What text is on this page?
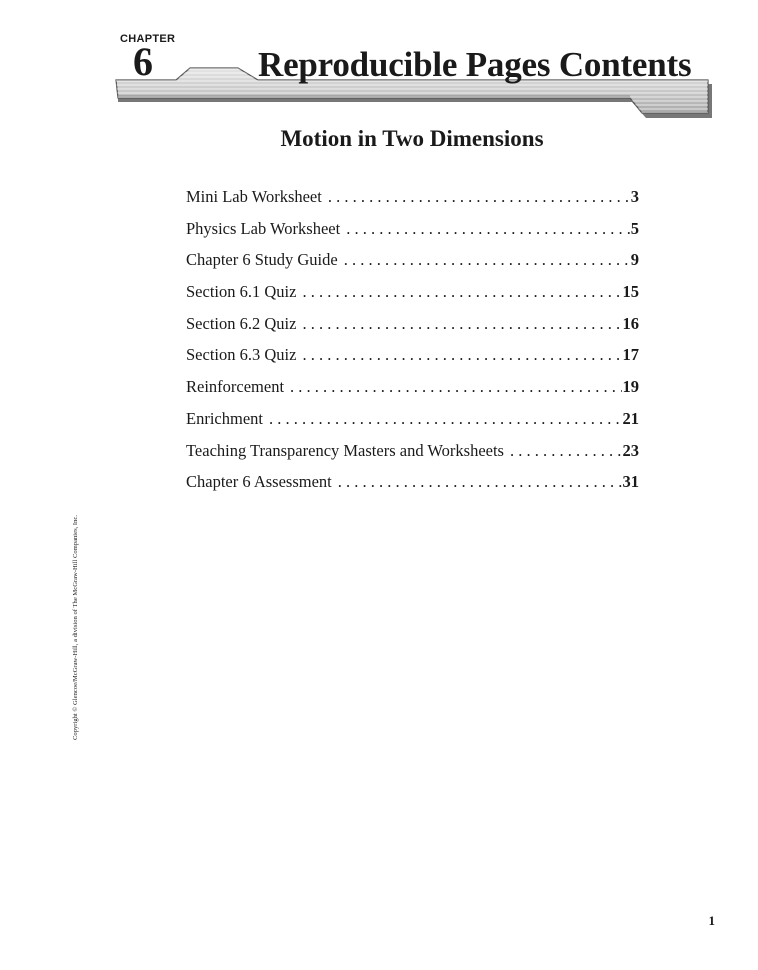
CHAPTER
6	Reproducible Pages Contents
Motion in Two Dimensions
Mini Lab Worksheet . . .	3
Physics Lab Worksheet . . .	5
Chapter 6 Study Guide . . .	9
Section 6.1 Quiz . . .	15
Section 6.2 Quiz . . .	16
Section 6.3 Quiz . . .	17
Reinforcement . . .	19
Enrichment . . .	21
Teaching Transparency Masters and Worksheets . . .	23
Chapter 6 Assessment . . .	31
Copyright © Glencoe/McGraw-Hill, a division of The McGraw-Hill Companies, Inc.
1
